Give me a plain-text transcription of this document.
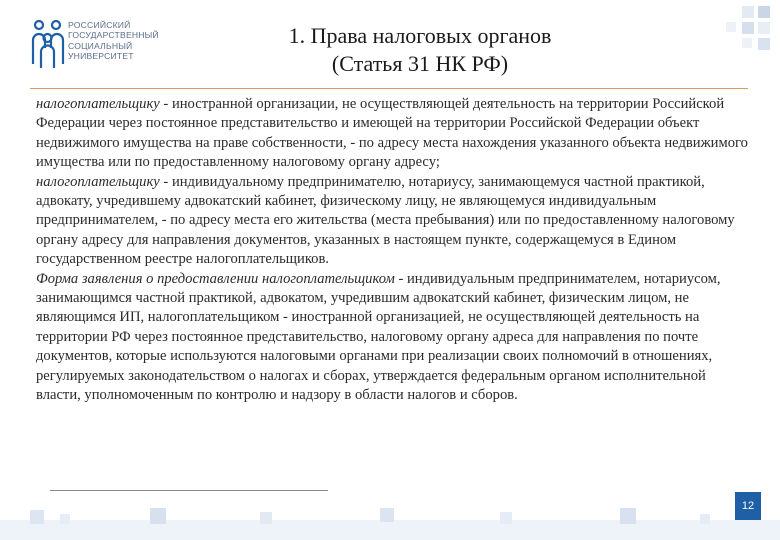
РОССИЙСКИЙ
ГОСУДАРСТВЕННЫЙ
СОЦИАЛЬНЫЙ
УНИВЕРСИТЕТ
1. Права налоговых органов
(Статья 31 НК РФ)

налогоплательщику - иностранной организации, не осуществляющей деятельность на территории Российской Федерации через постоянное представительство и имеющей на территории Российской Федерации объект недвижимого имущества на праве собственности, - по адресу места нахождения указанного объекта недвижимого имущества или по предоставленному налоговому органу адресу;

налогоплательщику - индивидуальному предпринимателю, нотариусу, занимающемуся частной практикой, адвокату, учредившему адвокатский кабинет, физическому лицу, не являющемуся индивидуальным предпринимателем, - по адресу места его жительства (места пребывания) или по предоставленному налоговому органу адресу для направления документов, указанных в настоящем пункте, содержащемуся в Едином государственном реестре налогоплательщиков.

Форма заявления о предоставлении налогоплательщиком - индивидуальным предпринимателем, нотариусом, занимающимся частной практикой, адвокатом, учредившим адвокатский кабинет, физическим лицом, не являющимся ИП, налогоплательщиком - иностранной организацией, не осуществляющей деятельность на территории РФ через постоянное представительство, налоговому органу адреса для направления по почте документов, которые используются налоговыми органами при реализации своих полномочий в отношениях, регулируемых законодательством о налогах и сборах, утверждается федеральным органом исполнительной власти, уполномоченным по контролю и надзору в области налогов и сборов.

12
